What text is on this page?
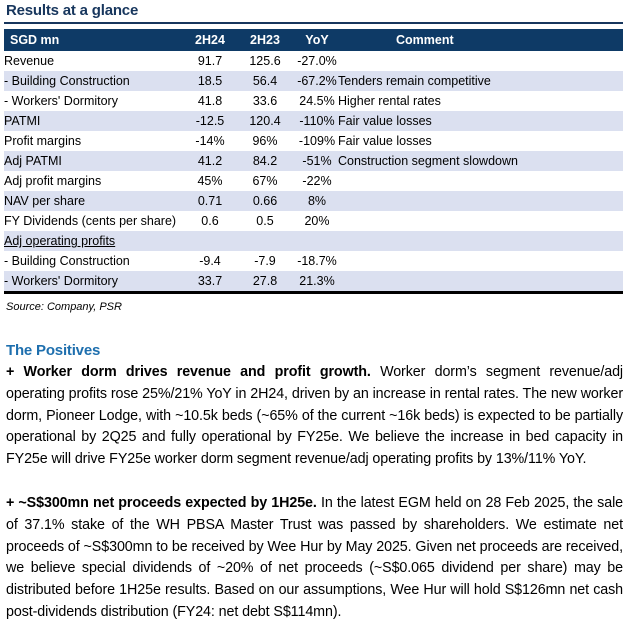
Results at a glance
SGD mn	2H24	2H23	YoY	Comment
Revenue	91.7	125.6	-27.0%	
- Building Construction	18.5	56.4	-67.2%	Tenders remain competitive
- Workers' Dormitory	41.8	33.6	24.5%	Higher rental rates
PATMI	-12.5	120.4	-110%	Fair value losses
Profit margins	-14%	96%	-109%	Fair value losses
Adj PATMI	41.2	84.2	-51%	Construction segment slowdown
Adj profit margins	45%	67%	-22%	
NAV per share	0.71	0.66	8%	
FY Dividends (cents per share)	0.6	0.5	20%	
Adj operating profits				
- Building Construction	-9.4	-7.9	-18.7%	
- Workers' Dormitory	33.7	27.8	21.3%	
Source: Company, PSR
The Positives

+ Worker dorm drives revenue and profit growth. Worker dorm’s segment revenue/adj operating profits rose 25%/21% YoY in 2H24, driven by an increase in rental rates. The new worker dorm, Pioneer Lodge, with ~10.5k beds (~65% of the current ~16k beds) is expected to be partially operational by 2Q25 and fully operational by FY25e. We believe the increase in bed capacity in FY25e will drive FY25e worker dorm segment revenue/adj operating profits by 13%/11% YoY.

+ ~S$300mn net proceeds expected by 1H25e. In the latest EGM held on 28 Feb 2025, the sale of 37.1% stake of the WH PBSA Master Trust was passed by shareholders. We estimate net proceeds of ~S$300mn to be received by Wee Hur by May 2025. Given net proceeds are received, we believe special dividends of ~20% of net proceeds (~S$0.065 dividend per share) may be distributed before 1H25e results. Based on our assumptions, Wee Hur will hold S$126mn net cash post-dividends distribution (FY24: net debt S$114mn).
